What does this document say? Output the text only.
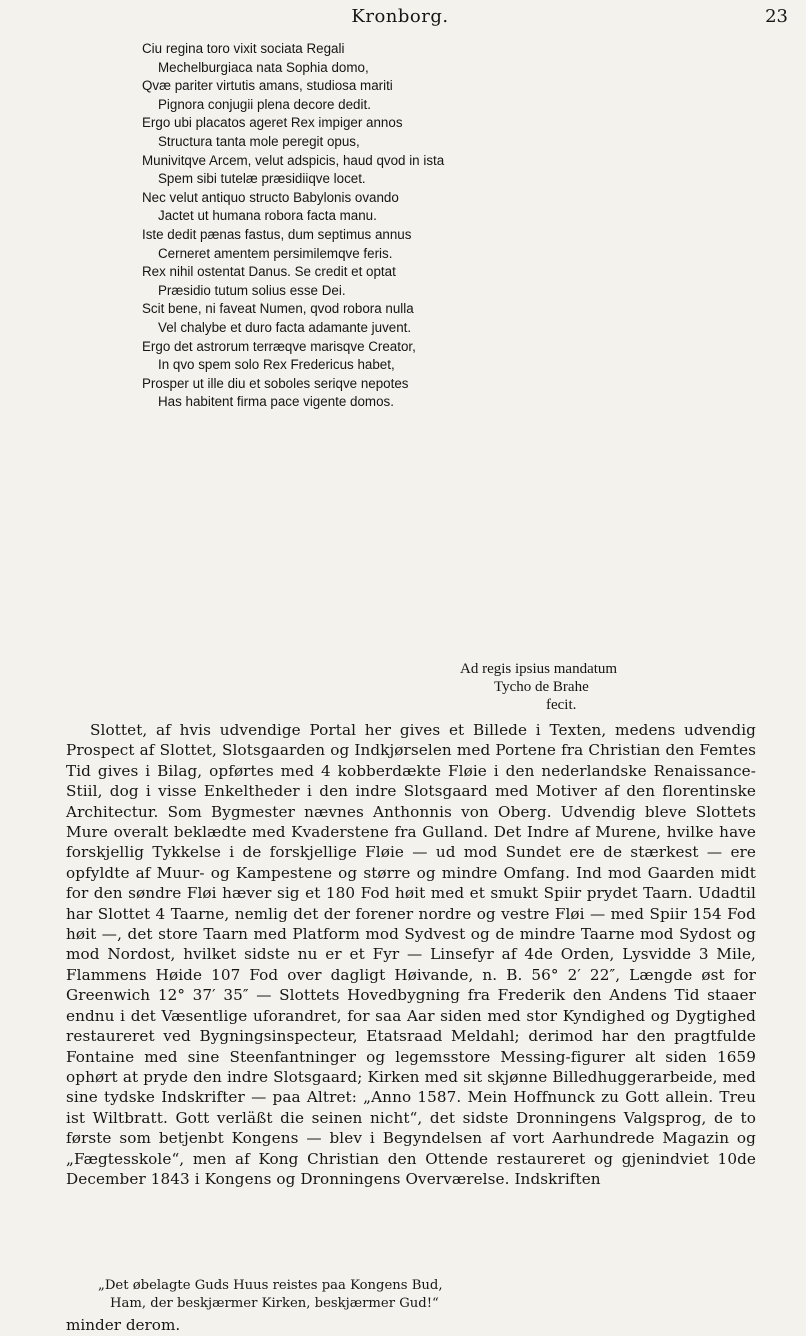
Kronborg.	23
Ciu regina toro vixit sociata Regali
Mechelburgiaca nata Sophia domo,
Qvæ pariter virtutis amans, studiosa mariti
Pignora conjugii plena decore dedit.
Ergo ubi placatos ageret Rex impiger annos
Structura tanta mole peregit opus,
Munivitqve Arcem, velut adspicis, haud qvod in ista
Spem sibi tutelæ præsidiiqve locet.
Nec velut antiquo structo Babylonis ovando
Jactet ut humana robora facta manu.
Iste dedit pænas fastus, dum septimus annus
Cerneret amentem persimilemqve feris.
Rex nihil ostentat Danus. Se credit et optat
Præsidio tutum solius esse Dei.
Scit bene, ni faveat Numen, qvod robora nulla
Vel chalybe et duro facta adamante juvent.
Ergo det astrorum terræqve marisqve Creator,
In qvo spem solo Rex Fredericus habet,
Prosper ut ille diu et soboles seriqve nepotes
Has habitent firma pace vigente domos.
Ad regis ipsius mandatum
Tycho de Brahe
fecit.
Slottet, af hvis udvendige Portal her gives et Billede i Texten, medens udvendig Prospect af Slottet, Slotsgaarden og Indkjørselen med Portene fra Christian den Femtes Tid gives i Bilag, opførtes med 4 kobberdækte Fløie i den nederlandske Renaissance-Stiil, dog i visse Enkeltheder i den indre Slotsgaard med Motiver af den florentinske Architectur. Som Bygmester nævnes Anthonnis von Oberg. Udvendig bleve Slottets Mure overalt beklædte med Kvaderstene fra Gulland. Det Indre af Murene, hvilke have forskjellig Tykkelse i de forskjellige Fløie — ud mod Sundet ere de stærkest — ere opfyldte af Muur- og Kampestene og større og mindre Omfang. Ind mod Gaarden midt for den søndre Fløi hæver sig et 180 Fod høit med et smukt Spiir prydet Taarn. Udadtil har Slottet 4 Taarne, nemlig det der forener nordre og vestre Fløi — med Spiir 154 Fod høit —, det store Taarn med Platform mod Sydvest og de mindre Taarne mod Sydost og mod Nordost, hvilket sidste nu er et Fyr — Linsefyr af 4de Orden, Lysvidde 3 Mile, Flammens Høide 107 Fod over dagligt Høivande, n. B. 56° 2′ 22″, Længde øst for Greenwich 12° 37′ 35″ — Slottets Hovedbygning fra Frederik den Andens Tid staaer endnu i det Væsentlige uforandret, for saa Aar siden med stor Kyndighed og Dygtighed restaureret ved Bygningsinspecteur, Etatsraad Meldahl; derimod har den pragtfulde Fontaine med sine Steenfantninger og legemsstore Messing-figurer alt siden 1659 ophørt at pryde den indre Slotsgaard; Kirken med sit skjønne Billedhuggerarbeide, med sine tydske Indskrifter — paa Altret: „Anno 1587. Mein Hoffnunck zu Gott allein. Treu ist Wiltbratt. Gott verläßt die seinen nicht“, det sidste Dronningens Valgsprog, de to første som betjenbt Kongens — blev i Begyndelsen af vort Aarhundrede Magazin og „Fægtesskole“, men af Kong Christian den Ottende restaureret og gjenindviet 10de December 1843 i Kongens og Dronningens Overværelse. Indskriften
„Det øbelagte Guds Huus reistes paa Kongens Bud,
Ham, der beskjærmer Kirken, beskjærmer Gud!“
minder derom.
